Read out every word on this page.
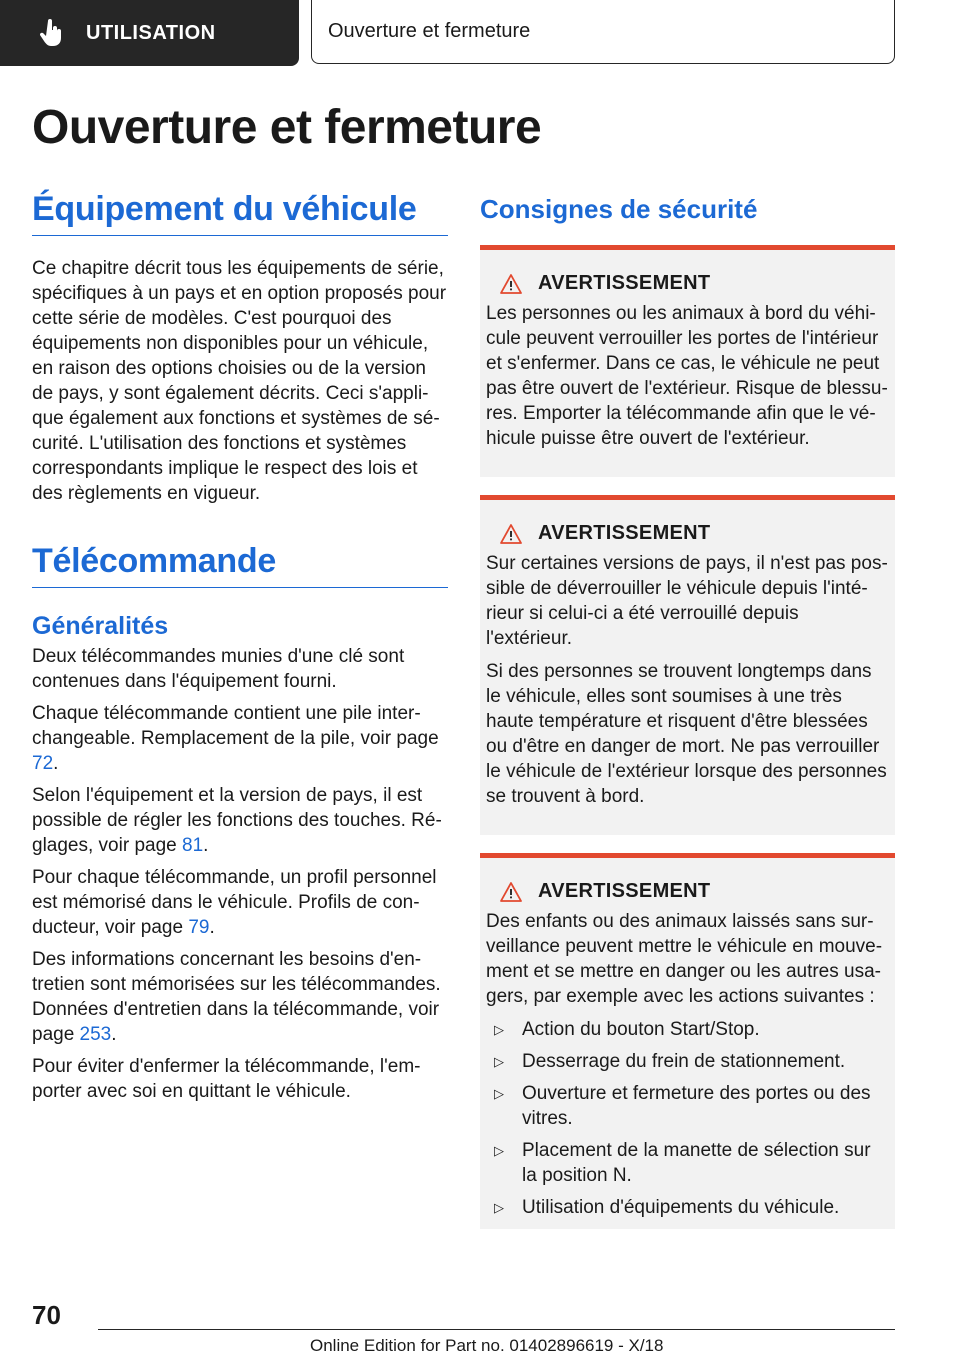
UTILISATION	Ouverture et fermeture
Ouverture et fermeture
Équipement du véhicule

Ce chapitre décrit tous les équipements de série, spécifiques à un pays et en option proposés pour cette série de modèles. C'est pourquoi des équipements non disponibles pour un véhicule, en raison des options choisies ou de la version de pays, y sont également décrits. Ceci s'applique également aux fonctions et systèmes de sécurité. L'utilisation des fonctions et systèmes correspondants implique le respect des lois et des règlements en vigueur.

Télécommande
Généralités

Deux télécommandes munies d'une clé sont contenues dans l'équipement fourni.

Chaque télécommande contient une pile interchangeable. Remplacement de la pile, voir page 72.

Selon l'équipement et la version de pays, il est possible de régler les fonctions des touches. Réglages, voir page 81.

Pour chaque télécommande, un profil personnel est mémorisé dans le véhicule. Profils de conducteur, voir page 79.

Des informations concernant les besoins d'entretien sont mémorisées sur les télécommandes. Données d'entretien dans la télécommande, voir page 253.

Pour éviter d'enfermer la télécommande, l'emporter avec soi en quittant le véhicule.

Consignes de sécurité
AVERTISSEMENT

Les personnes ou les animaux à bord du véhicule peuvent verrouiller les portes de l'intérieur et s'enfermer. Dans ce cas, le véhicule ne peut pas être ouvert de l'extérieur. Risque de blessures. Emporter la télécommande afin que le véhicule puisse être ouvert de l'extérieur.

AVERTISSEMENT

Sur certaines versions de pays, il n'est pas possible de déverrouiller le véhicule depuis l'intérieur si celui-ci a été verrouillé depuis l'extérieur.

Si des personnes se trouvent longtemps dans le véhicule, elles sont soumises à une très haute température et risquent d'être blessées ou d'être en danger de mort. Ne pas verrouiller le véhicule de l'extérieur lorsque des personnes se trouvent à bord.

AVERTISSEMENT

Des enfants ou des animaux laissés sans surveillance peuvent mettre le véhicule en mouvement et se mettre en danger ou les autres usagers, par exemple avec les actions suivantes :

▷ Action du bouton Start/Stop.
▷ Desserrage du frein de stationnement.
▷ Ouverture et fermeture des portes ou des vitres.
▷ Placement de la manette de sélection sur la position N.
▷ Utilisation d'équipements du véhicule.
70
Online Edition for Part no. 01402896619 - X/18
